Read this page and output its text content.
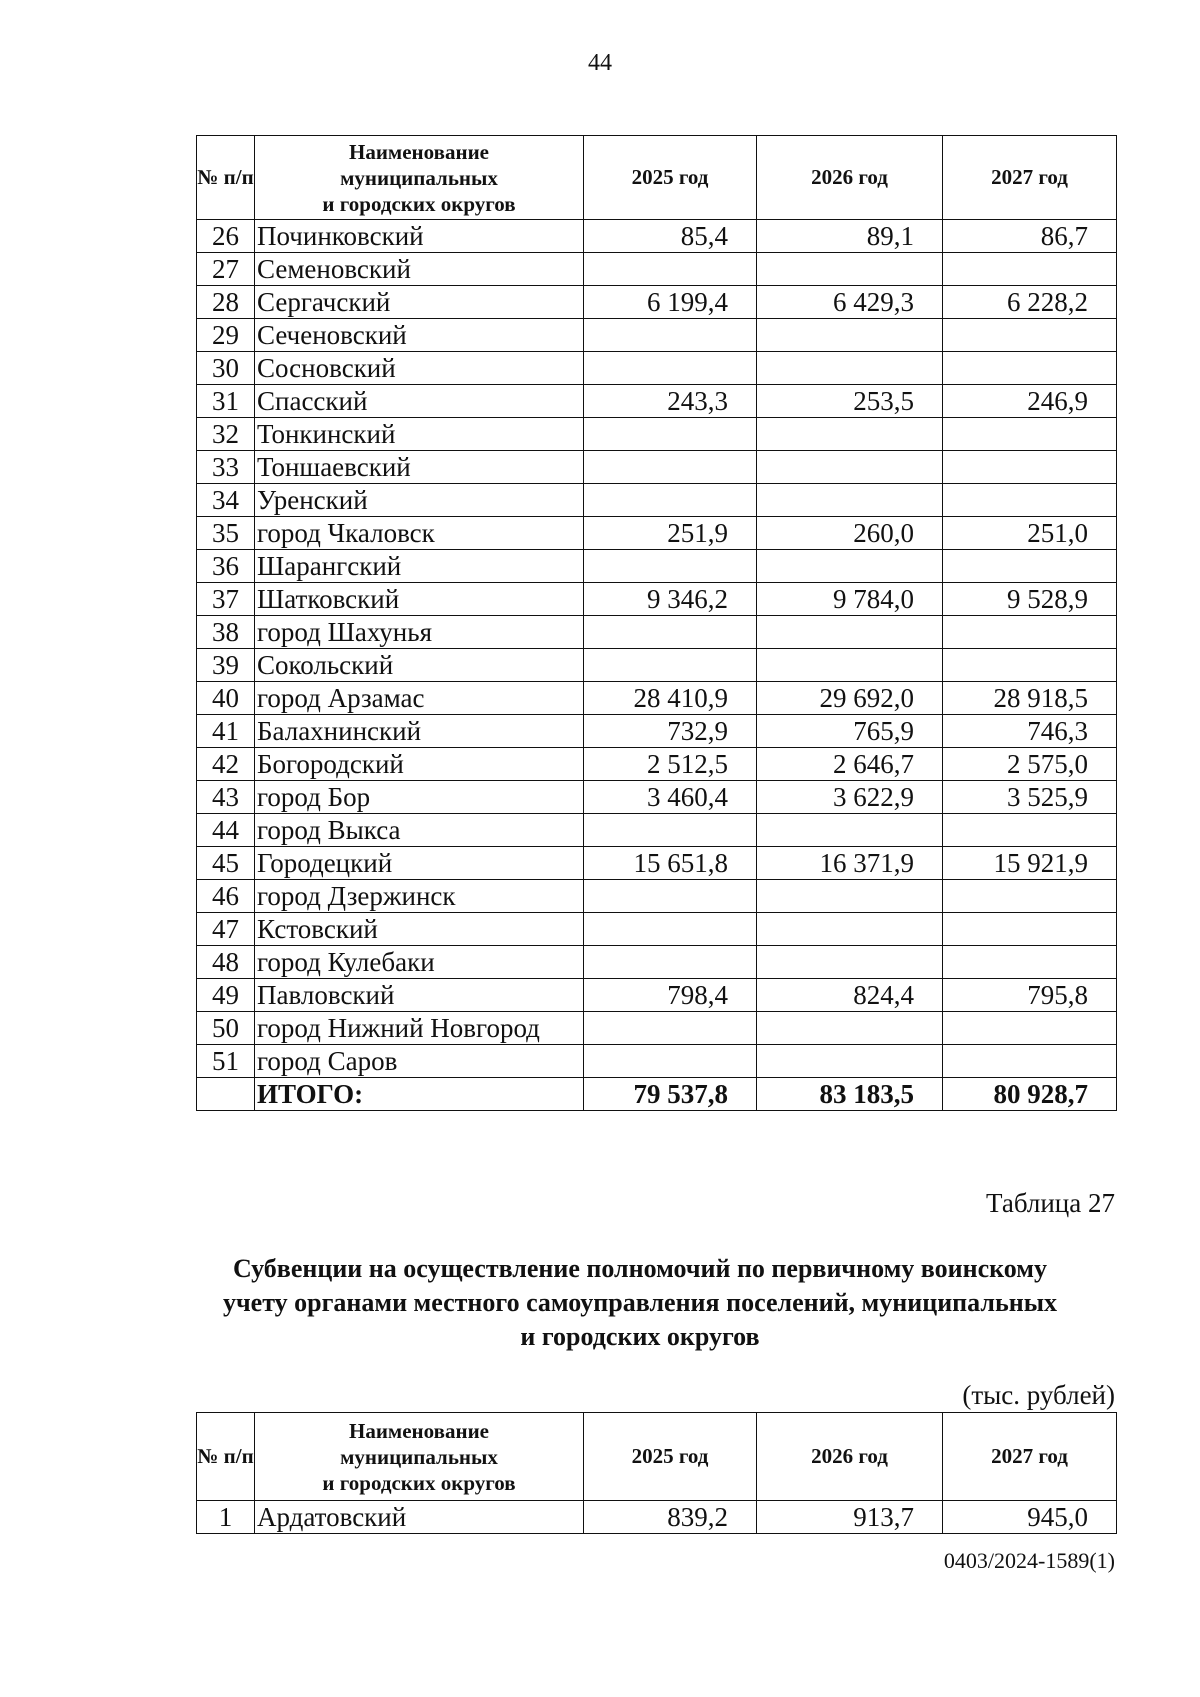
44
№ п/п	Наименование
муниципальных
и городских округов	2025 год	2026 год	2027 год
26	Починковский	85,4	89,1	86,7
27	Семеновский			
28	Сергачский	6 199,4	6 429,3	6 228,2
29	Сеченовский			
30	Сосновский			
31	Спасский	243,3	253,5	246,9
32	Тонкинский			
33	Тоншаевский			
34	Уренский			
35	город Чкаловск	251,9	260,0	251,0
36	Шарангский			
37	Шатковский	9 346,2	9 784,0	9 528,9
38	город Шахунья			
39	Сокольский			
40	город Арзамас	28 410,9	29 692,0	28 918,5
41	Балахнинский	732,9	765,9	746,3
42	Богородский	2 512,5	2 646,7	2 575,0
43	город Бор	3 460,4	3 622,9	3 525,9
44	город Выкса			
45	Городецкий	15 651,8	16 371,9	15 921,9
46	город Дзержинск			
47	Кстовский			
48	город Кулебаки			
49	Павловский	798,4	824,4	795,8
50	город Нижний Новгород			
51	город Саров			
	ИТОГО:	79 537,8	83 183,5	80 928,7
Таблица 27
Субвенции на осуществление полномочий по первичному воинскому
учету органами местного самоуправления поселений, муниципальных
и городских округов
(тыс. рублей)
№ п/п	Наименование
муниципальных
и городских округов	2025 год	2026 год	2027 год
1	Ардатовский	839,2	913,7	945,0
0403/2024-1589(1)
